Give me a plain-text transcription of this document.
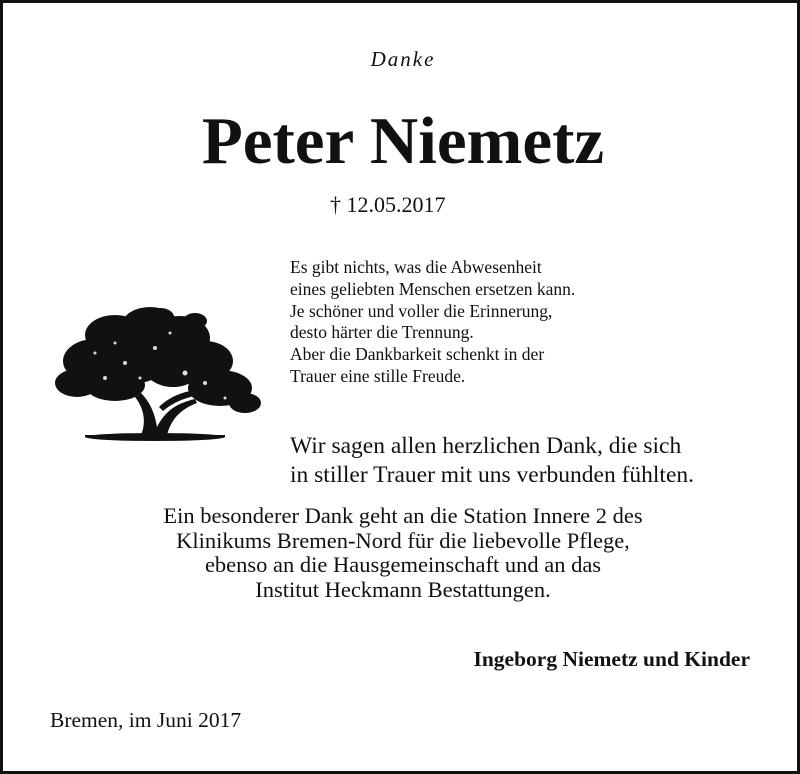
Danke
Peter Niemetz
† 12.05.2017
Es gibt nichts, was die Abwesenheit
eines geliebten Menschen ersetzen kann.
Je schöner und voller die Erinnerung,
desto härter die Trennung.
Aber die Dankbarkeit schenkt in der
Trauer eine stille Freude.
Wir sagen allen herzlichen Dank, die sich
in stiller Trauer mit uns verbunden fühlten.
Ein besonderer Dank geht an die Station Innere 2 des
Klinikums Bremen-Nord für die liebevolle Pflege,
ebenso an die Hausgemeinschaft und an das
Institut Heckmann Bestattungen.
Ingeborg Niemetz und Kinder
Bremen, im Juni 2017
